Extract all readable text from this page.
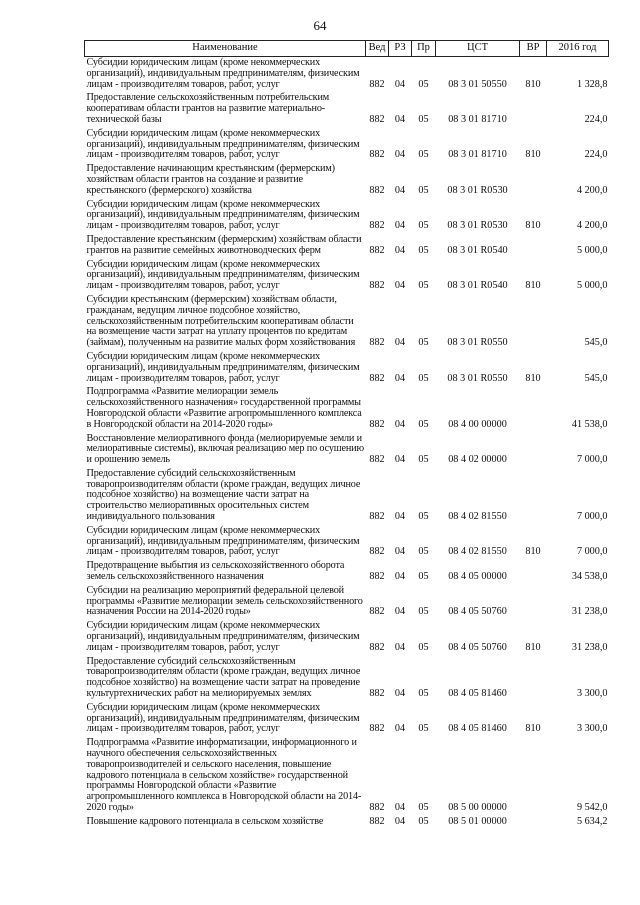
64
Наименование	Вед	РЗ	Пр	ЦСТ	ВР	2016 год
Субсидии юридическим лицам (кроме некоммерческих организаций), индивидуальным предпринимателям, физическим лицам - производителям товаров, работ, услуг	882	04	05	08 3 01 50550	810	1 328,8
Предоставление сельскохозяйственным потребительским кооперативам области грантов на развитие материально-технической базы	882	04	05	08 3 01 81710		224,0
Субсидии юридическим лицам (кроме некоммерческих организаций), индивидуальным предпринимателям, физическим лицам - производителям товаров, работ, услуг	882	04	05	08 3 01 81710	810	224,0
Предоставление начинающим крестьянским (фермерским) хозяйствам области грантов на создание и развитие крестьянского (фермерского) хозяйства	882	04	05	08 3 01 R0530		4 200,0
Субсидии юридическим лицам (кроме некоммерческих организаций), индивидуальным предпринимателям, физическим лицам - производителям товаров, работ, услуг	882	04	05	08 3 01 R0530	810	4 200,0
Предоставление крестьянским (фермерским) хозяйствам области грантов на развитие семейных животноводческих ферм	882	04	05	08 3 01 R0540		5 000,0
Субсидии юридическим лицам (кроме некоммерческих организаций), индивидуальным предпринимателям, физическим лицам - производителям товаров, работ, услуг	882	04	05	08 3 01 R0540	810	5 000,0
Субсидии крестьянским (фермерским) хозяйствам области, гражданам, ведущим личное подсобное хозяйство, сельскохозяйственным потребительским кооперативам области на возмещение части затрат на уплату процентов по кредитам (займам), полученным на развитие малых форм хозяйствования	882	04	05	08 3 01 R0550		545,0
Субсидии юридическим лицам (кроме некоммерческих организаций), индивидуальным предпринимателям, физическим лицам - производителям товаров, работ, услуг	882	04	05	08 3 01 R0550	810	545,0
Подпрограмма «Развитие мелиорации земель сельскохозяйственного назначения» государственной программы Новгородской области «Развитие агропромышленного комплекса в Новгородской области на 2014-2020 годы»	882	04	05	08 4 00 00000		41 538,0
Восстановление мелиоративного фонда (мелиорируемые земли и мелиоративные системы), включая реализацию мер по осушению и орошению земель	882	04	05	08 4 02 00000		7 000,0
Предоставление субсидий сельскохозяйственным товаропроизводителям области (кроме граждан, ведущих личное подсобное хозяйство) на возмещение части затрат на строительство мелиоративных оросительных систем индивидуального пользования	882	04	05	08 4 02 81550		7 000,0
Субсидии юридическим лицам (кроме некоммерческих организаций), индивидуальным предпринимателям, физическим лицам - производителям товаров, работ, услуг	882	04	05	08 4 02 81550	810	7 000,0
Предотвращение выбытия из сельскохозяйственного оборота земель сельскохозяйственного назначения	882	04	05	08 4 05 00000		34 538,0
Субсидии на реализацию мероприятий федеральной целевой программы «Развитие мелиорации земель сельскохозяйственного назначения России на 2014-2020 годы»	882	04	05	08 4 05 50760		31 238,0
Субсидии юридическим лицам (кроме некоммерческих организаций), индивидуальным предпринимателям, физическим лицам - производителям товаров, работ, услуг	882	04	05	08 4 05 50760	810	31 238,0
Предоставление субсидий сельскохозяйственным товаропроизводителям области (кроме граждан, ведущих личное подсобное хозяйство) на возмещение части затрат на проведение культуртехнических работ на мелиорируемых землях	882	04	05	08 4 05 81460		3 300,0
Субсидии юридическим лицам (кроме некоммерческих организаций), индивидуальным предпринимателям, физическим лицам - производителям товаров, работ, услуг	882	04	05	08 4 05 81460	810	3 300,0
Подпрограмма «Развитие информатизации, информационного и научного обеспечения сельскохозяйственных товаропроизводителей и сельского населения, повышение кадрового потенциала в сельском хозяйстве» государственной программы Новгородской области «Развитие агропромышленного комплекса в Новгородской области на 2014-2020 годы»	882	04	05	08 5 00 00000		9 542,0
Повышение кадрового потенциала в сельском хозяйстве	882	04	05	08 5 01 00000		5 634,2
